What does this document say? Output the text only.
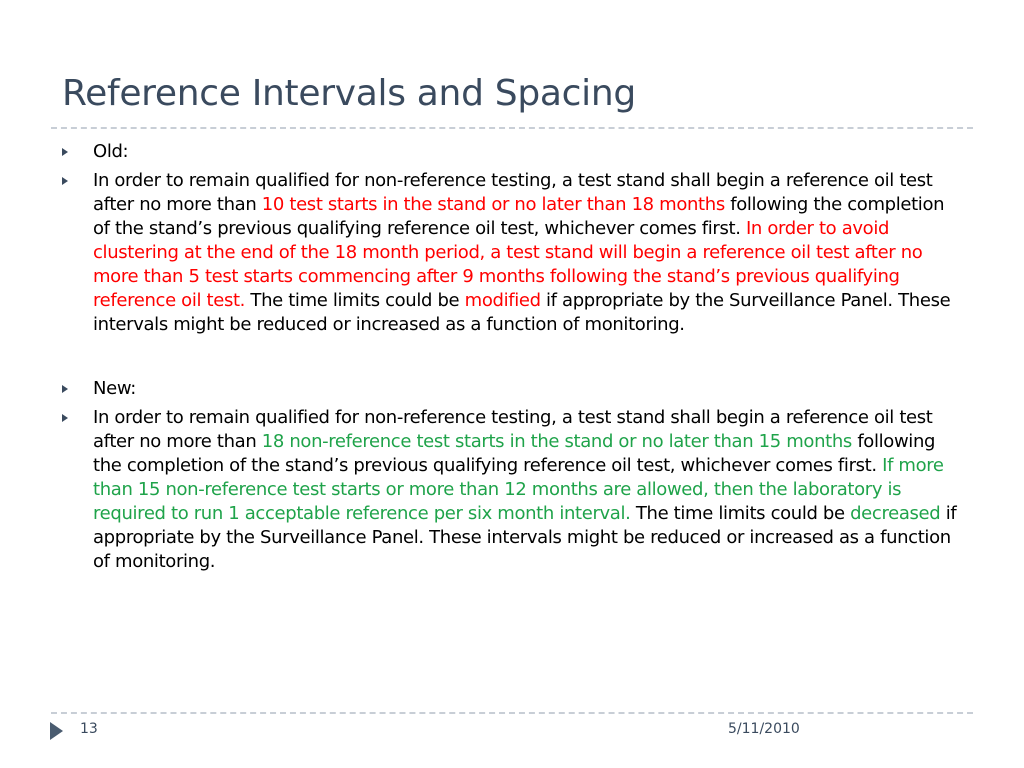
Reference Intervals and Spacing
Old:
In order to remain qualified for non-reference testing, a test stand shall begin a reference oil test after no more than 10 test starts in the stand or no later than 18 months following the completion of the stand’s previous qualifying reference oil test, whichever comes first. In order to avoid clustering at the end of the 18 month period, a test stand will begin a reference oil test after no more than 5 test starts commencing after 9 months following the stand’s previous qualifying reference oil test. The time limits could be modified if appropriate by the Surveillance Panel. These intervals might be reduced or increased as a function of monitoring.
New:
In order to remain qualified for non-reference testing, a test stand shall begin a reference oil test after no more than 18 non-reference test starts in the stand or no later than 15 months following the completion of the stand’s previous qualifying reference oil test, whichever comes first. If more than 15 non-reference test starts or more than 12 months are allowed, then the laboratory is required to run 1 acceptable reference per six month interval. The time limits could be decreased if appropriate by the Surveillance Panel. These intervals might be reduced or increased as a function of monitoring.
13	5/11/2010
